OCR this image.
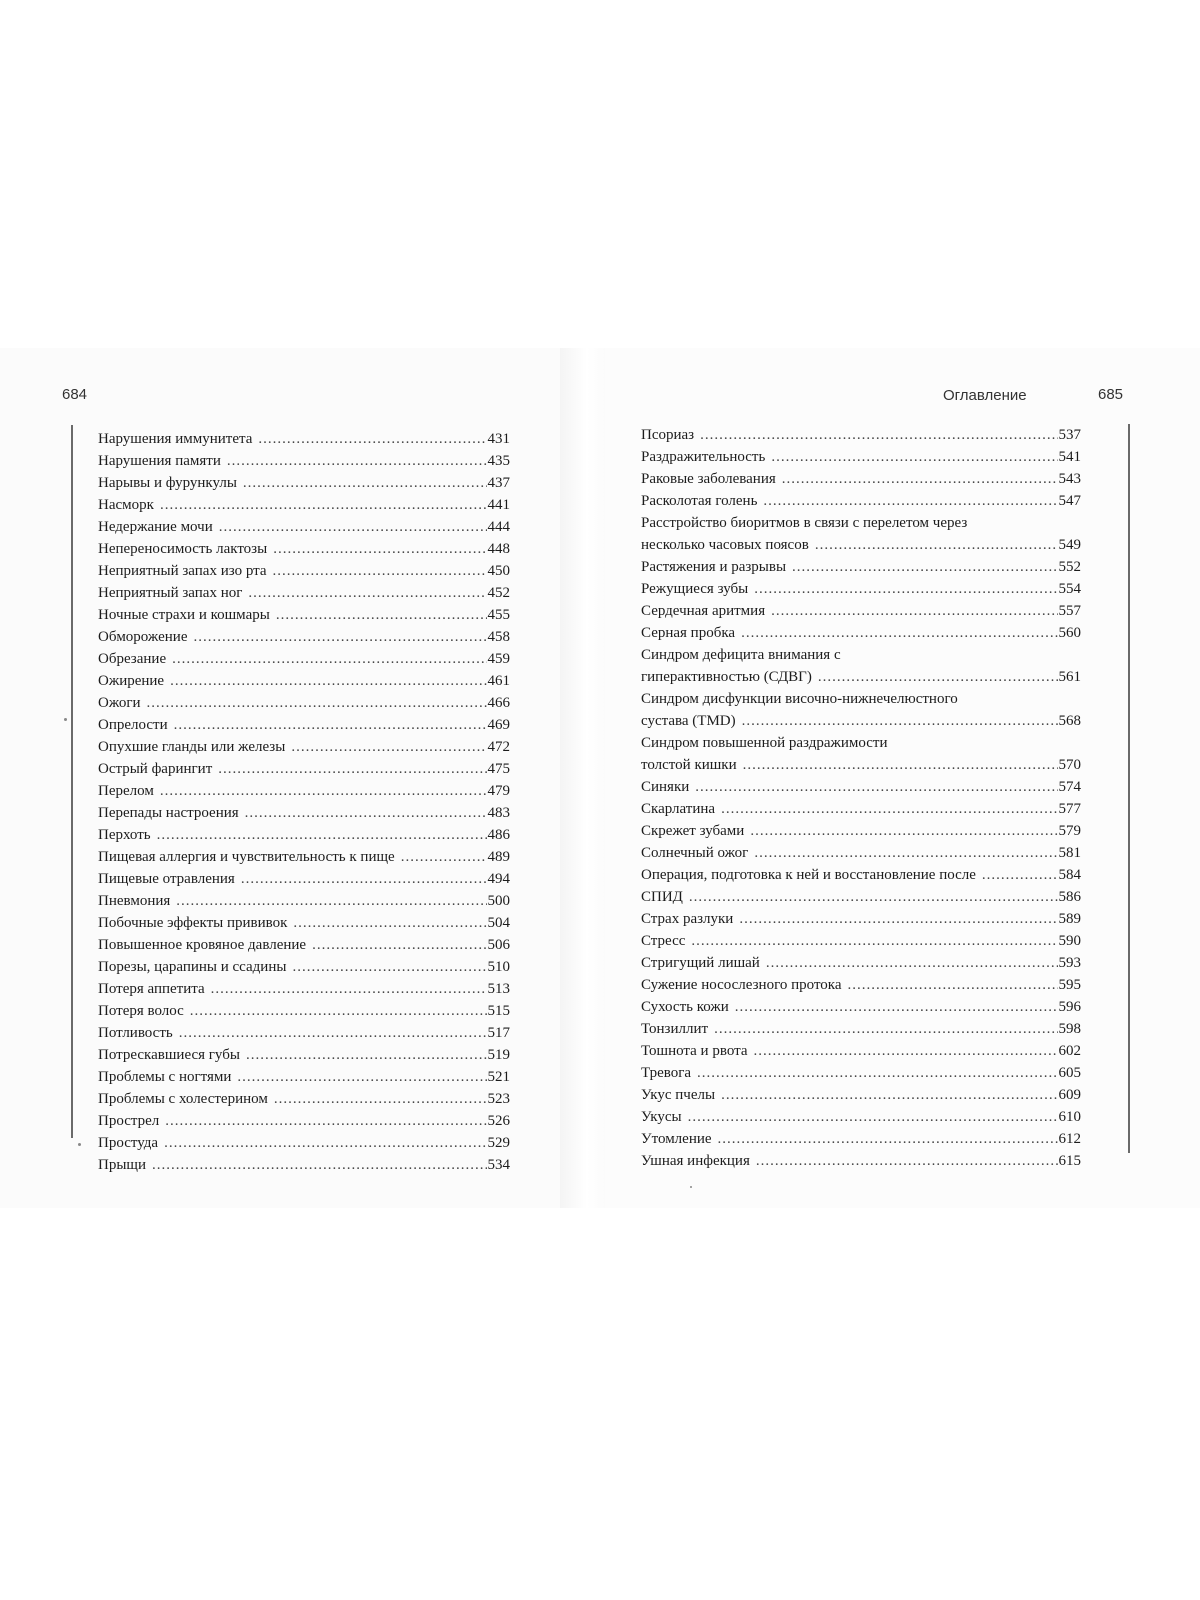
684
Нарушения иммунитета .....	431
Нарушения памяти .....	435
Нарывы и фурункулы .....	437
Насморк .....	441
Недержание мочи .....	444
Непереносимость лактозы .....	448
Неприятный запах изо рта .....	450
Неприятный запах ног .....	452
Ночные страхи и кошмары .....	455
Обморожение .....	458
Обрезание .....	459
Ожирение .....	461
Ожоги .....	466
Опрелости .....	469
Опухшие гланды или железы .....	472
Острый фарингит .....	475
Перелом .....	479
Перепады настроения .....	483
Перхоть .....	486
Пищевая аллергия и чувствительность к пище .....	489
Пищевые отравления .....	494
Пневмония .....	500
Побочные эффекты прививок .....	504
Повышенное кровяное давление .....	506
Порезы, царапины и ссадины .....	510
Потеря аппетита .....	513
Потеря волос .....	515
Потливость .....	517
Потрескавшиеся губы .....	519
Проблемы с ногтями .....	521
Проблемы с холестерином .....	523
Прострел .....	526
Простуда .....	529
Прыщи .....	534
Оглавление	685
Псориаз .....	537
Раздражительность .....	541
Раковые заболевания .....	543
Расколотая голень .....	547
Расстройство биоритмов в связи с перелетом через
несколько часовых поясов .....	549
Растяжения и разрывы .....	552
Режущиеся зубы .....	554
Сердечная аритмия .....	557
Серная пробка .....	560
Синдром дефицита внимания с
гиперактивностью (СДВГ) .....	561
Синдром дисфункции височно-нижнечелюстного
сустава (TMD) .....	568
Синдром повышенной раздражимости
толстой кишки .....	570
Синяки .....	574
Скарлатина .....	577
Скрежет зубами .....	579
Солнечный ожог .....	581
Операция, подготовка к ней и восстановление после .....	584
СПИД .....	586
Страх разлуки .....	589
Стресс .....	590
Стригущий лишай .....	593
Сужение носослезного протока .....	595
Сухость кожи .....	596
Тонзиллит .....	598
Тошнота и рвота .....	602
Тревога .....	605
Укус пчелы .....	609
Укусы .....	610
Утомление .....	612
Ушная инфекция .....	615
